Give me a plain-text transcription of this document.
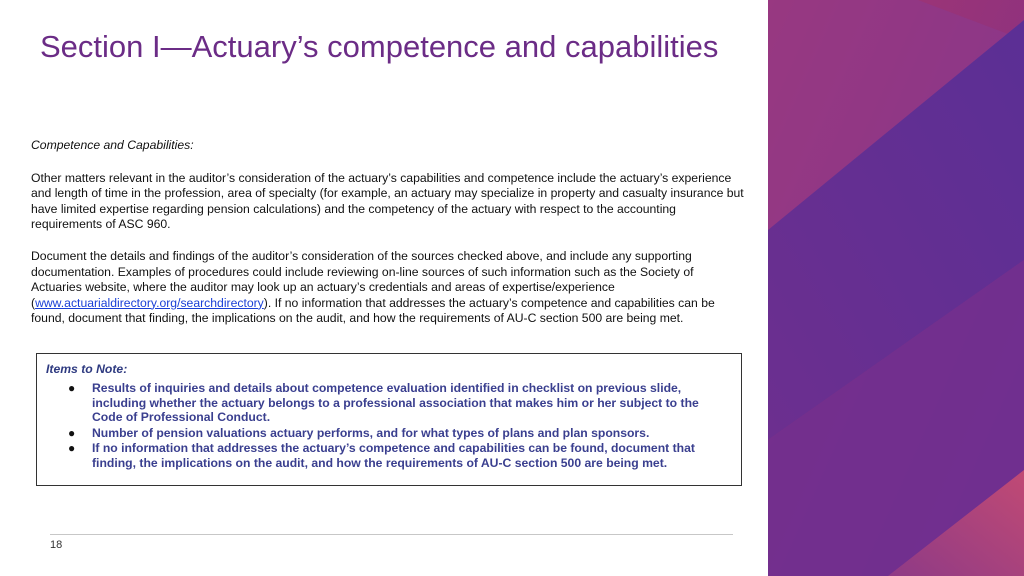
Section I—Actuary’s competence and capabilities

Competence and Capabilities:

Other matters relevant in the auditor’s consideration of the actuary’s capabilities and competence include the actuary’s experience and length of time in the profession, area of specialty (for example, an actuary may specialize in property and casualty insurance but have limited expertise regarding pension calculations) and the competency of the actuary with respect to the accounting requirements of ASC 960.

Document the details and findings of the auditor’s consideration of the sources checked above, and include any supporting documentation. Examples of procedures could include reviewing on-line sources of such information such as the Society of Actuaries website, where the auditor may look up an actuary’s credentials and areas of expertise/experience (www.actuarialdirectory.org/searchdirectory). If no information that addresses the actuary’s competence and capabilities can be found, document that finding, the implications on the audit, and how the requirements of AU-C section 500 are being met.

Items to Note:

● Results of inquiries and details about competence evaluation identified in checklist on previous slide, including whether the actuary belongs to a professional association that makes him or her subject to the Code of Professional Conduct.
● Number of pension valuations actuary performs, and for what types of plans and plan sponsors.
● If no information that addresses the actuary’s competence and capabilities can be found, document that finding, the implications on the audit, and how the requirements of AU-C section 500 are being met.
18
